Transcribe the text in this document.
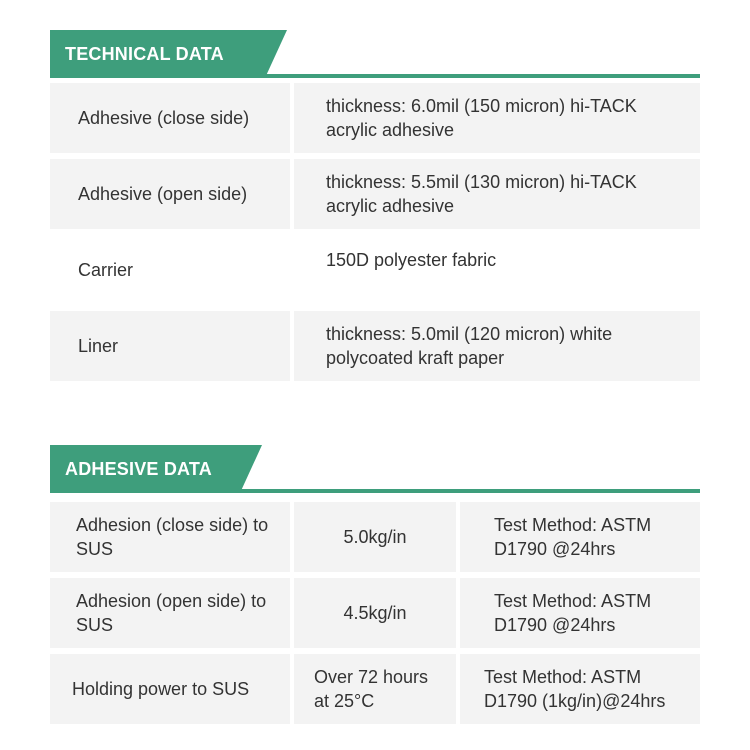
TECHNICAL DATA
Adhesive (close side)
thickness: 6.0mil (150 micron) hi-TACK acrylic adhesive
Adhesive (open side)
thickness: 5.5mil (130 micron) hi-TACK acrylic adhesive
Carrier	150D polyester fabric
Liner
thickness: 5.0mil (120 micron) white polycoated kraft paper
ADHESIVE DATA
Adhesion (close side) to SUS
5.0kg/in
Test Method: ASTM D1790 @24hrs
Adhesion (open side) to SUS
4.5kg/in
Test Method: ASTM D1790 @24hrs
Holding power to SUS
Over 72 hours at 25°C
Test Method: ASTM D1790 (1kg/in)@24hrs
